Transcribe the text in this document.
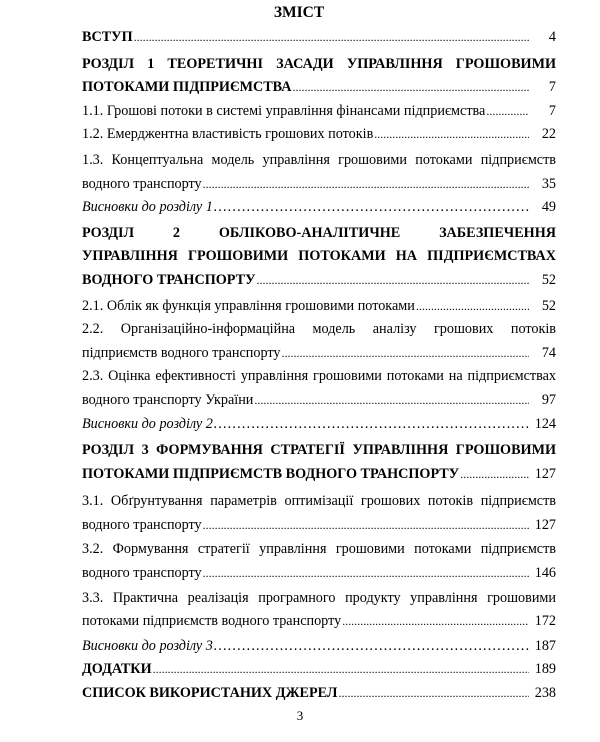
ЗМІСТ
ВСТУП .....	4
РОЗДІЛ 1 ТЕОРЕТИЧНІ ЗАСАДИ УПРАВЛІННЯ ГРОШОВИМИ
ПОТОКАМИ ПІДПРИЄМСТВА .....	7
1.1. Грошові потоки в системі управління фінансами підприємства .....	7
1.2. Емерджентна властивість грошових потоків .....	22
1.3. Концептуальна модель управління грошовими потоками підприємств
водного транспорту .....	35
Висновки до розділу 1 ……………………………………………………………………………………………………………………………………	49
РОЗДІЛ 2 ОБЛІКОВО-АНАЛІТИЧНЕ ЗАБЕЗПЕЧЕННЯ
УПРАВЛІННЯ ГРОШОВИМИ ПОТОКАМИ НА ПІДПРИЄМСТВАХ
ВОДНОГО ТРАНСПОРТУ .....	52
2.1. Облік як функція управління грошовими потоками .....	52
2.2. Організаційно-інформаційна модель аналізу грошових потоків
підприємств водного транспорту .....	74
2.3. Оцінка ефективності управління грошовими потоками на підприємствах
водного транспорту України .....	97
Висновки до розділу 2 ……………………………………………………………………………………………………………………………………	124
РОЗДІЛ 3 ФОРМУВАННЯ СТРАТЕГІЇ УПРАВЛІННЯ ГРОШОВИМИ
ПОТОКАМИ ПІДПРИЄМСТВ ВОДНОГО ТРАНСПОРТУ .....	127
3.1. Обґрунтування параметрів оптимізації грошових потоків підприємств
водного транспорту .....	127
3.2. Формування стратегії управління грошовими потоками підприємств
водного транспорту .....	146
3.3. Практична реалізація програмного продукту управління грошовими
потоками підприємств водного транспорту .....	172
Висновки до розділу 3 ……………………………………………………………………………………………………………………………………	187
ДОДАТКИ .....	189
СПИСОК ВИКОРИСТАНИХ ДЖЕРЕЛ .....	238
3
